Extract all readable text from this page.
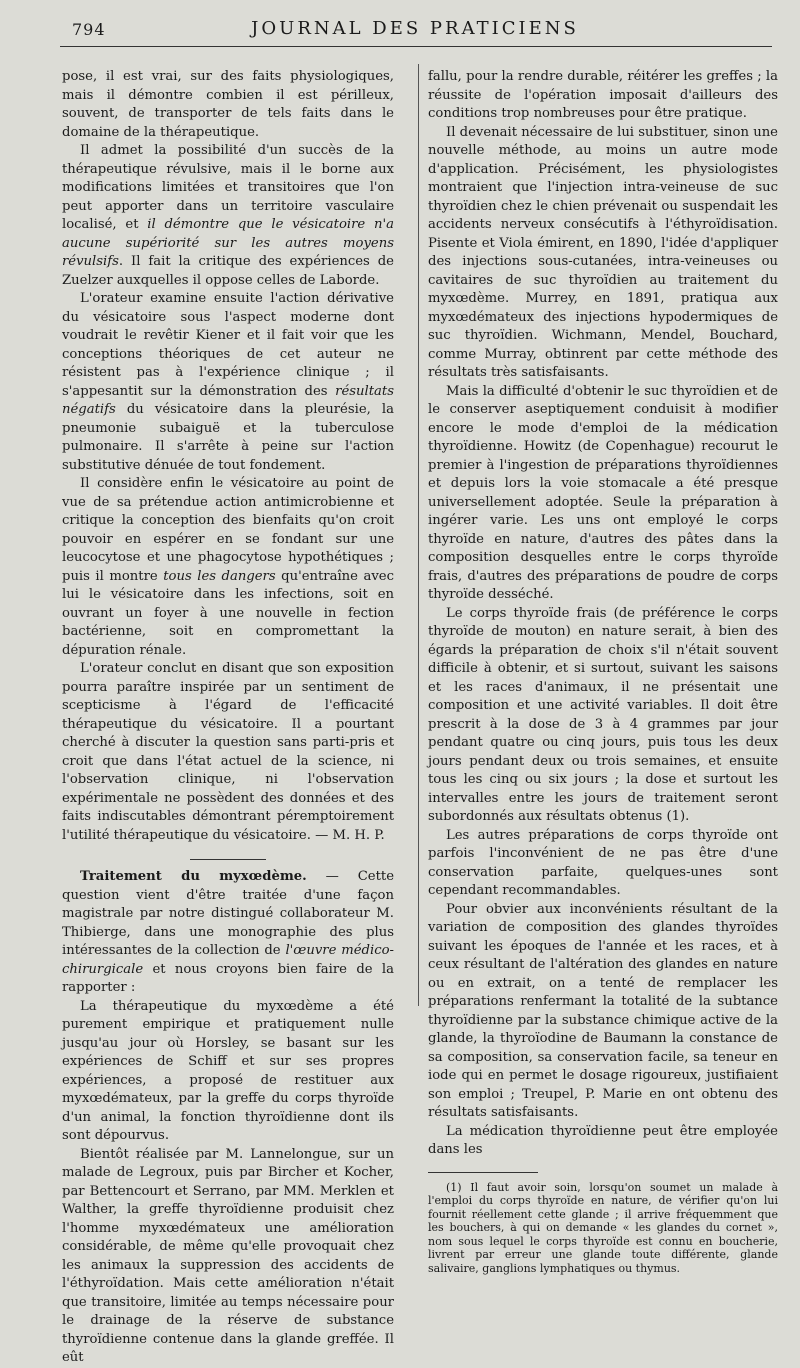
794	JOURNAL DES PRATICIENS

pose, il est vrai, sur des faits physiologiques, mais il démontre combien il est périlleux, souvent, de transporter de tels faits dans le domaine de la thérapeutique.

Il admet la possibilité d'un succès de la thérapeutique révulsive, mais il le borne aux modifications limitées et transitoires que l'on peut apporter dans un territoire vasculaire localisé, et il démontre que le vésicatoire n'a aucune supériorité sur les autres moyens révulsifs. Il fait la critique des expériences de Zuelzer auxquelles il oppose celles de Laborde.

L'orateur examine ensuite l'action dérivative du vésicatoire sous l'aspect moderne dont voudrait le revêtir Kiener et il fait voir que les conceptions théoriques de cet auteur ne résistent pas à l'expérience clinique ; il s'appesantit sur la démonstration des résultats négatifs du vésicatoire dans la pleurésie, la pneumonie subaiguë et la tuberculose pulmonaire. Il s'arrête à peine sur l'action substitutive dénuée de tout fondement.

Il considère enfin le vésicatoire au point de vue de sa prétendue action antimicrobienne et critique la conception des bienfaits qu'on croit pouvoir en espérer en se fondant sur une leucocytose et une phagocytose hypothétiques ; puis il montre tous les dangers qu'entraîne avec lui le vésicatoire dans les infections, soit en ouvrant un foyer à une nouvelle in fection bactérienne, soit en compromettant la dépuration rénale.

L'orateur conclut en disant que son exposition pourra paraître inspirée par un sentiment de scepticisme à l'égard de l'efficacité thérapeutique du vésicatoire. Il a pourtant cherché à discuter la question sans parti-pris et croit que dans l'état actuel de la science, ni l'observation clinique, ni l'observation expérimentale ne possèdent des données et des faits indiscutables démontrant péremptoirement l'utilité thérapeutique du vésicatoire. — M. H. P.

Traitement du myxœdème. — Cette question vient d'être traitée d'une façon magistrale par notre distingué collaborateur M. Thibierge, dans une monographie des plus intéressantes de la collection de l'œuvre médico-chirurgicale et nous croyons bien faire de la rapporter :

La thérapeutique du myxœdème a été purement empirique et pratiquement nulle jusqu'au jour où Horsley, se basant sur les expériences de Schiff et sur ses propres expériences, a proposé de restituer aux myxœdémateux, par la greffe du corps thyroïde d'un animal, la fonction thyroïdienne dont ils sont dépourvus.

Bientôt réalisée par M. Lannelongue, sur un malade de Legroux, puis par Bircher et Kocher, par Bettencourt et Serrano, par MM. Merklen et Walther, la greffe thyroïdienne produisit chez l'homme myxœdémateux une amélioration considérable, de même qu'elle provoquait chez les animaux la suppression des accidents de l'éthyroïdation. Mais cette amélioration n'était que transitoire, limitée au temps nécessaire pour le drainage de la réserve de substance thyroïdienne contenue dans la glande greffée. Il eût

fallu, pour la rendre durable, réitérer les greffes ; la réussite de l'opération imposait d'ailleurs des conditions trop nombreuses pour être pratique.

Il devenait nécessaire de lui substituer, sinon une nouvelle méthode, au moins un autre mode d'application. Précisément, les physiologistes montraient que l'injection intra-veineuse de suc thyroïdien chez le chien prévenait ou suspendait les accidents nerveux consécutifs à l'éthyroïdisation. Pisente et Viola émirent, en 1890, l'idée d'appliquer des injections sous-cutanées, intra-veineuses ou cavitaires de suc thyroïdien au traitement du myxœdème. Murrey, en 1891, pratiqua aux myxœdémateux des injections hypodermiques de suc thyroïdien. Wichmann, Mendel, Bouchard, comme Murray, obtinrent par cette méthode des résultats très satisfaisants.

Mais la difficulté d'obtenir le suc thyroïdien et de le conserver aseptiquement conduisit à modifier encore le mode d'emploi de la médication thyroïdienne. Howitz (de Copenhague) recourut le premier à l'ingestion de préparations thyroïdiennes et depuis lors la voie stomacale a été presque universellement adoptée. Seule la préparation à ingérer varie. Les uns ont employé le corps thyroïde en nature, d'autres des pâtes dans la composition desquelles entre le corps thyroïde frais, d'autres des préparations de poudre de corps thyroïde desséché.

Le corps thyroïde frais (de préférence le corps thyroïde de mouton) en nature serait, à bien des égards la préparation de choix s'il n'était souvent difficile à obtenir, et si surtout, suivant les saisons et les races d'animaux, il ne présentait une composition et une activité variables. Il doit être prescrit à la dose de 3 à 4 grammes par jour pendant quatre ou cinq jours, puis tous les deux jours pendant deux ou trois semaines, et ensuite tous les cinq ou six jours ; la dose et surtout les intervalles entre les jours de traitement seront subordonnés aux résultats obtenus (1).

Les autres préparations de corps thyroïde ont parfois l'inconvénient de ne pas être d'une conservation parfaite, quelques-unes sont cependant recommandables.

Pour obvier aux inconvénients résultant de la variation de composition des glandes thyroïdes suivant les époques de l'année et les races, et à ceux résultant de l'altération des glandes en nature ou en extrait, on a tenté de remplacer les préparations renfermant la totalité de la subtance thyroïdienne par la substance chimique active de la glande, la thyroïodine de Baumann la constance de sa composition, sa conservation facile, sa teneur en iode qui en permet le dosage rigoureux, justifiaient son emploi ; Treupel, P. Marie en ont obtenu des résultats satisfaisants.

La médication thyroïdienne peut être employée dans les

(1) Il faut avoir soin, lorsqu'on soumet un malade à l'emploi du corps thyroïde en nature, de vérifier qu'on lui fournit réellement cette glande ; il arrive fréquemment que les bouchers, à qui on demande « les glandes du cornet », nom sous lequel le corps thyroïde est connu en boucherie, livrent par erreur une glande toute différente, glande salivaire, ganglions lymphatiques ou thymus.
